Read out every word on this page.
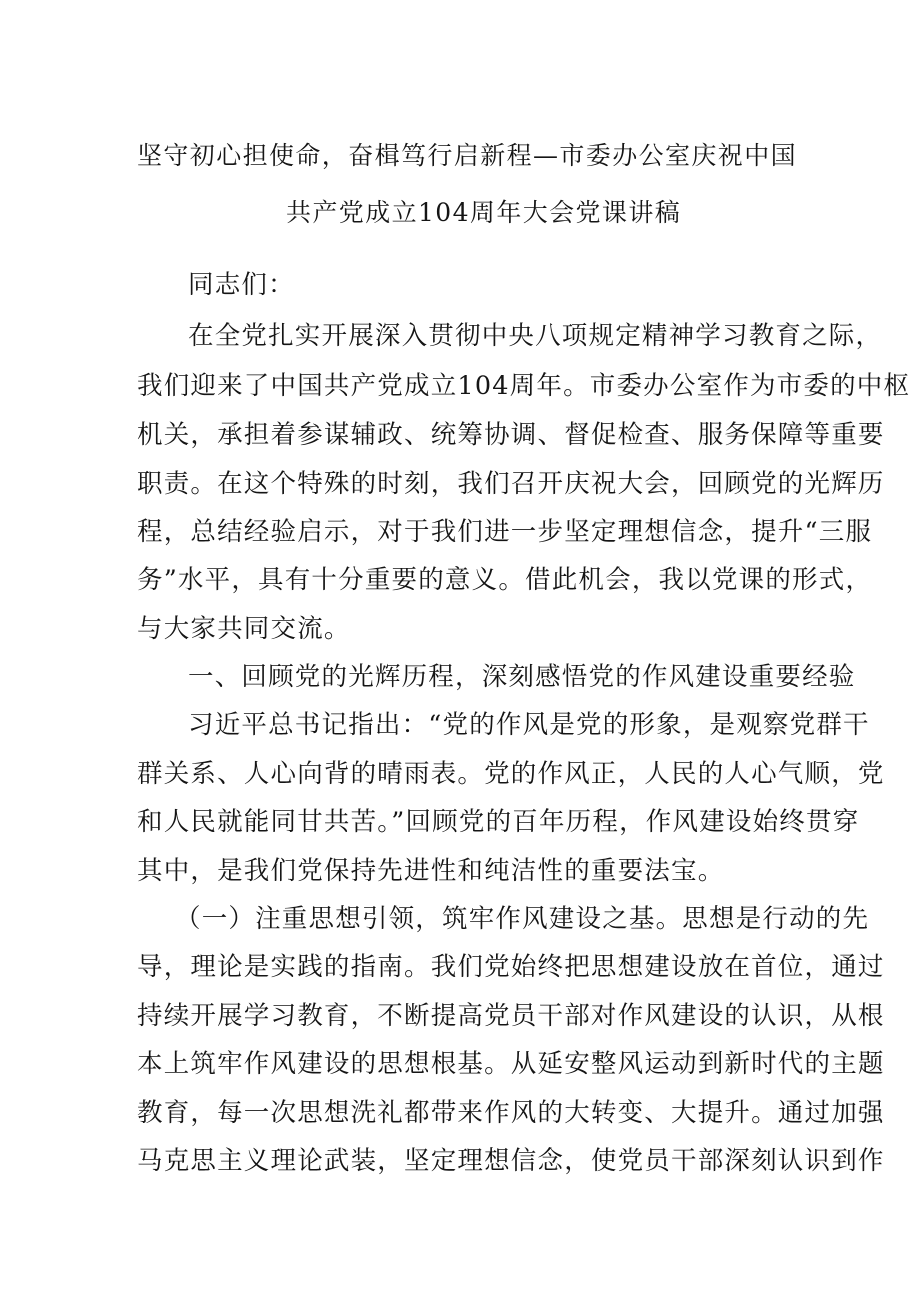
坚守初心担使命，奋楫笃行启新程—市委办公室庆祝中国
共产党成立104周年大会党课讲稿
同志们：
在全党扎实开展深入贯彻中央八项规定精神学习教育之际，
我们迎来了中国共产党成立104周年。市委办公室作为市委的中枢
机关，承担着参谋辅政、统筹协调、督促检查、服务保障等重要
职责。在这个特殊的时刻，我们召开庆祝大会，回顾党的光辉历
程，总结经验启示，对于我们进一步坚定理想信念，提升“三服
务”水平，具有十分重要的意义。借此机会，我以党课的形式，
与大家共同交流。
一、回顾党的光辉历程，深刻感悟党的作风建设重要经验
习近平总书记指出：“党的作风是党的形象，是观察党群干
群关系、人心向背的晴雨表。党的作风正，人民的人心气顺，党
和人民就能同甘共苦。”回顾党的百年历程，作风建设始终贯穿
其中，是我们党保持先进性和纯洁性的重要法宝。
（一）注重思想引领，筑牢作风建设之基。思想是行动的先
导，理论是实践的指南。我们党始终把思想建设放在首位，通过
持续开展学习教育，不断提高党员干部对作风建设的认识，从根
本上筑牢作风建设的思想根基。从延安整风运动到新时代的主题
教育，每一次思想洗礼都带来作风的大转变、大提升。通过加强
马克思主义理论武装，坚定理想信念，使党员干部深刻认识到作
